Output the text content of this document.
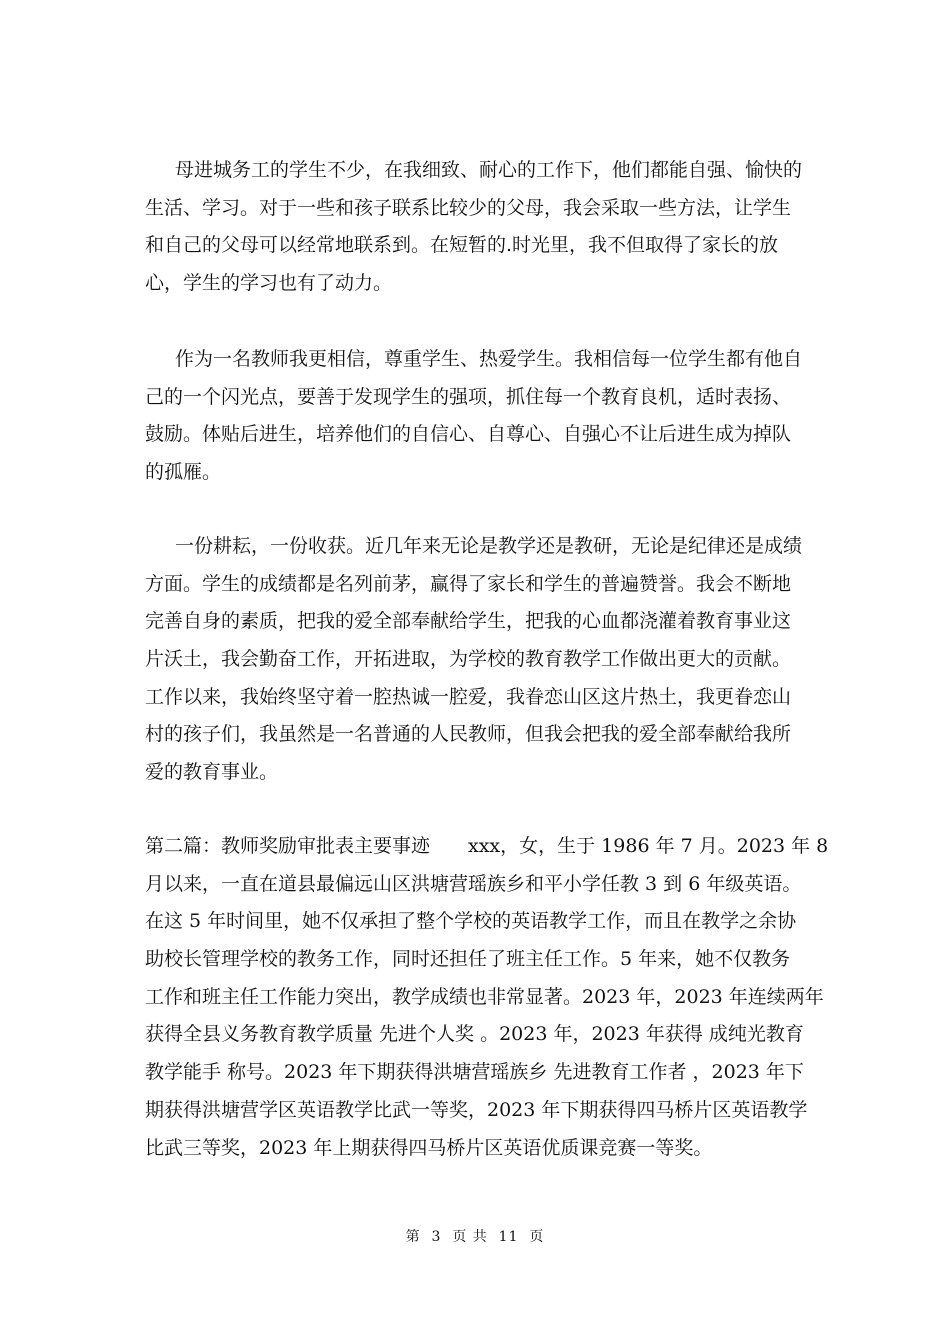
母进城务工的学生不少，在我细致、耐心的工作下，他们都能自强、愉快的
生活、学习。对于一些和孩子联系比较少的父母，我会采取一些方法，让学生
和自己的父母可以经常地联系到。在短暂的.时光里，我不但取得了家长的放
心，学生的学习也有了动力。
作为一名教师我更相信，尊重学生、热爱学生。我相信每一位学生都有他自
己的一个闪光点，要善于发现学生的强项，抓住每一个教育良机，适时表扬、
鼓励。体贴后进生，培养他们的自信心、自尊心、自强心不让后进生成为掉队
的孤雁。
一份耕耘，一份收获。近几年来无论是教学还是教研，无论是纪律还是成绩
方面。学生的成绩都是名列前茅，赢得了家长和学生的普遍赞誉。我会不断地
完善自身的素质，把我的爱全部奉献给学生，把我的心血都浇灌着教育事业这
片沃土，我会勤奋工作，开拓进取，为学校的教育教学工作做出更大的贡献。
工作以来，我始终坚守着一腔热诚一腔爱，我眷恋山区这片热土，我更眷恋山
村的孩子们，我虽然是一名普通的人民教师，但我会把我的爱全部奉献给我所
爱的教育事业。
第二篇：教师奖励审批表主要事迹　　xxx，女，生于 1986 年 7 月。2023 年 8
月以来，一直在道县最偏远山区洪塘营瑶族乡和平小学任教 3 到 6 年级英语。
在这 5 年时间里，她不仅承担了整个学校的英语教学工作，而且在教学之余协
助校长管理学校的教务工作，同时还担任了班主任工作。5 年来，她不仅教务
工作和班主任工作能力突出，教学成绩也非常显著。2023 年，2023 年连续两年
获得全县义务教育教学质量 先进个人奖 。2023 年，2023 年获得 成纯光教育
教学能手 称号。2023 年下期获得洪塘营瑶族乡 先进教育工作者 ，2023 年下
期获得洪塘营学区英语教学比武一等奖，2023 年下期获得四马桥片区英语教学
比武三等奖，2023 年上期获得四马桥片区英语优质课竞赛一等奖。
第  3  页 共  11  页
